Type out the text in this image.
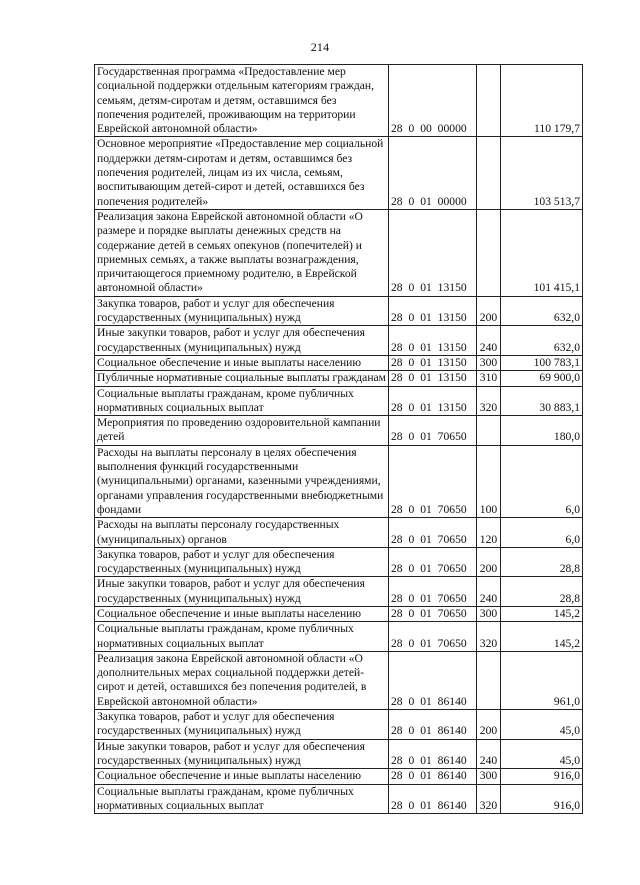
214
Государственная программа «Предоставление мер социальной поддержки отдельным категориям граждан, семьям, детям-сиротам и детям, оставшимся без попечения родителей, проживающим на территории Еврейской автономной области»	28 0 00 00000		110 179,7
Основное мероприятие «Предоставление мер социальной поддержки детям-сиротам и детям, оставшимся без попечения родителей, лицам из их числа, семьям, воспитывающим детей-сирот и детей, оставшихся без попечения родителей»	28 0 01 00000		103 513,7
Реализация закона Еврейской автономной области «О размере и порядке выплаты денежных средств на содержание детей в семьях опекунов (попечителей) и приемных семьях, а также выплаты вознаграждения, причитающегося приемному родителю, в Еврейской автономной области»	28 0 01 13150		101 415,1
Закупка товаров, работ и услуг для обеспечения государственных (муниципальных) нужд	28 0 01 13150	200	632,0
Иные закупки товаров, работ и услуг для обеспечения государственных (муниципальных) нужд	28 0 01 13150	240	632,0
Социальное обеспечение и иные выплаты населению	28 0 01 13150	300	100 783,1
Публичные нормативные социальные выплаты гражданам	28 0 01 13150	310	69 900,0
Социальные выплаты гражданам, кроме публичных нормативных социальных выплат	28 0 01 13150	320	30 883,1
Мероприятия по проведению оздоровительной кампании детей	28 0 01 70650		180,0
Расходы на выплаты персоналу в целях обеспечения выполнения функций государственными (муниципальными) органами, казенными учреждениями, органами управления государственными внебюджетными фондами	28 0 01 70650	100	6,0
Расходы на выплаты персоналу государственных (муниципальных) органов	28 0 01 70650	120	6,0
Закупка товаров, работ и услуг для обеспечения государственных (муниципальных) нужд	28 0 01 70650	200	28,8
Иные закупки товаров, работ и услуг для обеспечения государственных (муниципальных) нужд	28 0 01 70650	240	28,8
Социальное обеспечение и иные выплаты населению	28 0 01 70650	300	145,2
Социальные выплаты гражданам, кроме публичных нормативных социальных выплат	28 0 01 70650	320	145,2
Реализация закона Еврейской автономной области «О дополнительных мерах социальной поддержки детей-сирот и детей, оставшихся без попечения родителей, в Еврейской автономной области»	28 0 01 86140		961,0
Закупка товаров, работ и услуг для обеспечения государственных (муниципальных) нужд	28 0 01 86140	200	45,0
Иные закупки товаров, работ и услуг для обеспечения государственных (муниципальных) нужд	28 0 01 86140	240	45,0
Социальное обеспечение и иные выплаты населению	28 0 01 86140	300	916,0
Социальные выплаты гражданам, кроме публичных нормативных социальных выплат	28 0 01 86140	320	916,0
